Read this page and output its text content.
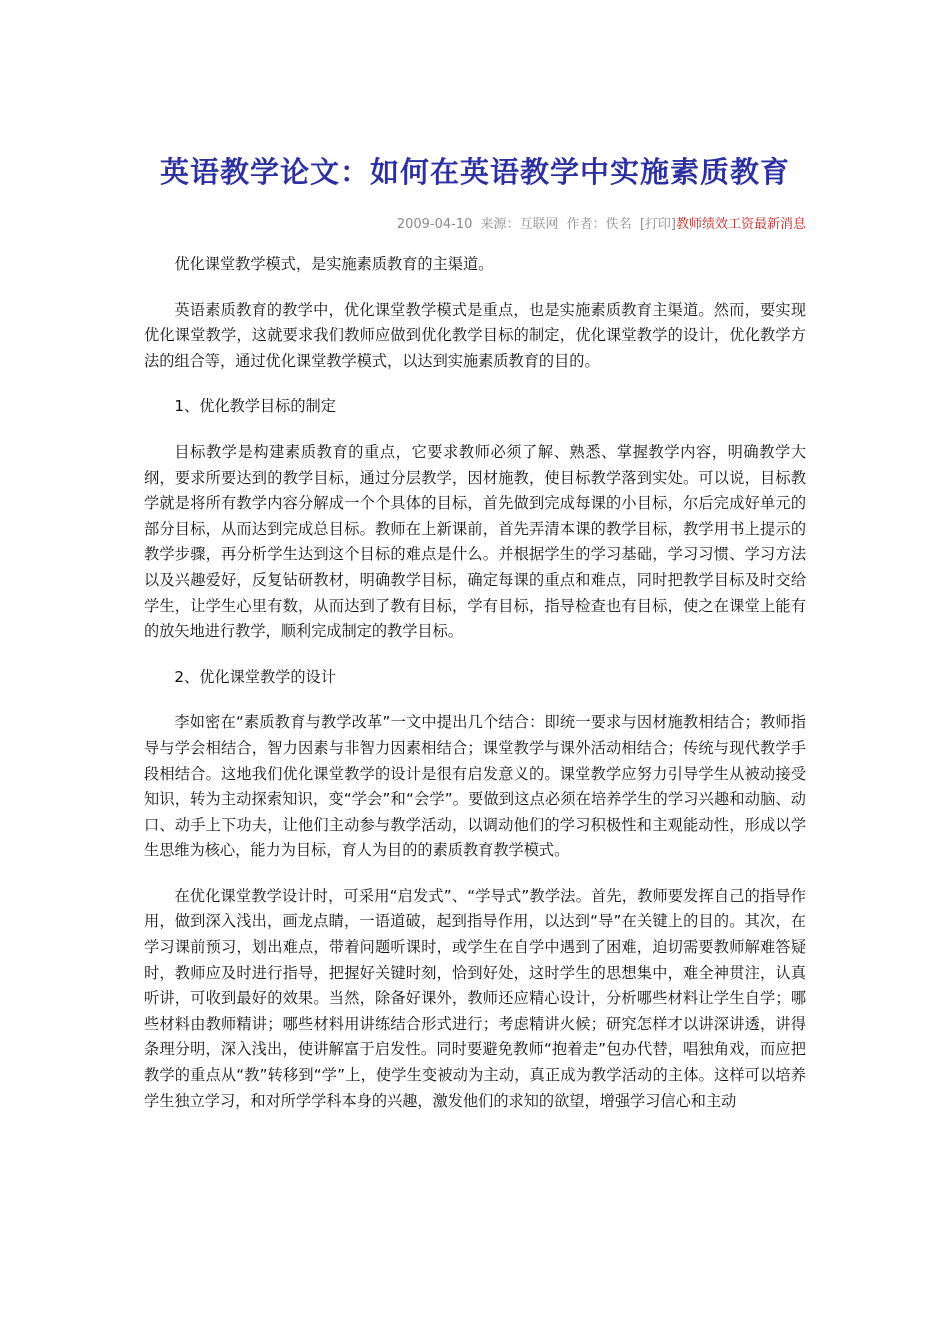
英语教学论文：如何在英语教学中实施素质教育
2009-04-10 来源：互联网 作者：佚名 [打印]教师绩效工资最新消息

优化课堂教学模式，是实施素质教育的主渠道。

英语素质教育的教学中，优化课堂教学模式是重点，也是实施素质教育主渠道。然而，要实现优化课堂教学，这就要求我们教师应做到优化教学目标的制定，优化课堂教学的设计，优化教学方法的组合等，通过优化课堂教学模式，以达到实施素质教育的目的。

1、优化教学目标的制定

目标教学是构建素质教育的重点，它要求教师必须了解、熟悉、掌握教学内容，明确教学大纲，要求所要达到的教学目标，通过分层教学，因材施教，使目标教学落到实处。可以说，目标教学就是将所有教学内容分解成一个个具体的目标，首先做到完成每课的小目标，尔后完成好单元的部分目标，从而达到完成总目标。教师在上新课前，首先弄清本课的教学目标，教学用书上提示的教学步骤，再分析学生达到这个目标的难点是什么。并根据学生的学习基础，学习习惯、学习方法以及兴趣爱好，反复钻研教材，明确教学目标，确定每课的重点和难点，同时把教学目标及时交给学生，让学生心里有数，从而达到了教有目标，学有目标，指导检查也有目标，使之在课堂上能有的放矢地进行教学，顺利完成制定的教学目标。

2、优化课堂教学的设计

李如密在“素质教育与教学改革”一文中提出几个结合：即统一要求与因材施教相结合；教师指导与学会相结合，智力因素与非智力因素相结合；课堂教学与课外活动相结合；传统与现代教学手段相结合。这地我们优化课堂教学的设计是很有启发意义的。课堂教学应努力引导学生从被动接受知识，转为主动探索知识，变“学会”和“会学”。要做到这点必须在培养学生的学习兴趣和动脑、动口、动手上下功夫，让他们主动参与教学活动，以调动他们的学习积极性和主观能动性，形成以学生思维为核心，能力为目标，育人为目的的素质教育教学模式。

在优化课堂教学设计时，可采用“启发式”、“学导式”教学法。首先，教师要发挥自己的指导作用，做到深入浅出，画龙点睛，一语道破，起到指导作用，以达到“导”在关键上的目的。其次，在学习课前预习，划出难点，带着问题听课时，或学生在自学中遇到了困难，迫切需要教师解难答疑时，教师应及时进行指导，把握好关键时刻，恰到好处，这时学生的思想集中，难全神贯注，认真听讲，可收到最好的效果。当然，除备好课外，教师还应精心设计，分析哪些材料让学生自学；哪些材料由教师精讲；哪些材料用讲练结合形式进行；考虑精讲火候；研究怎样才以讲深讲透，讲得条理分明，深入浅出，使讲解富于启发性。同时要避免教师“抱着走”包办代替，唱独角戏，而应把教学的重点从“教”转移到“学”上，使学生变被动为主动，真正成为教学活动的主体。这样可以培养学生独立学习，和对所学学科本身的兴趣，激发他们的求知的欲望，增强学习信心和主动
